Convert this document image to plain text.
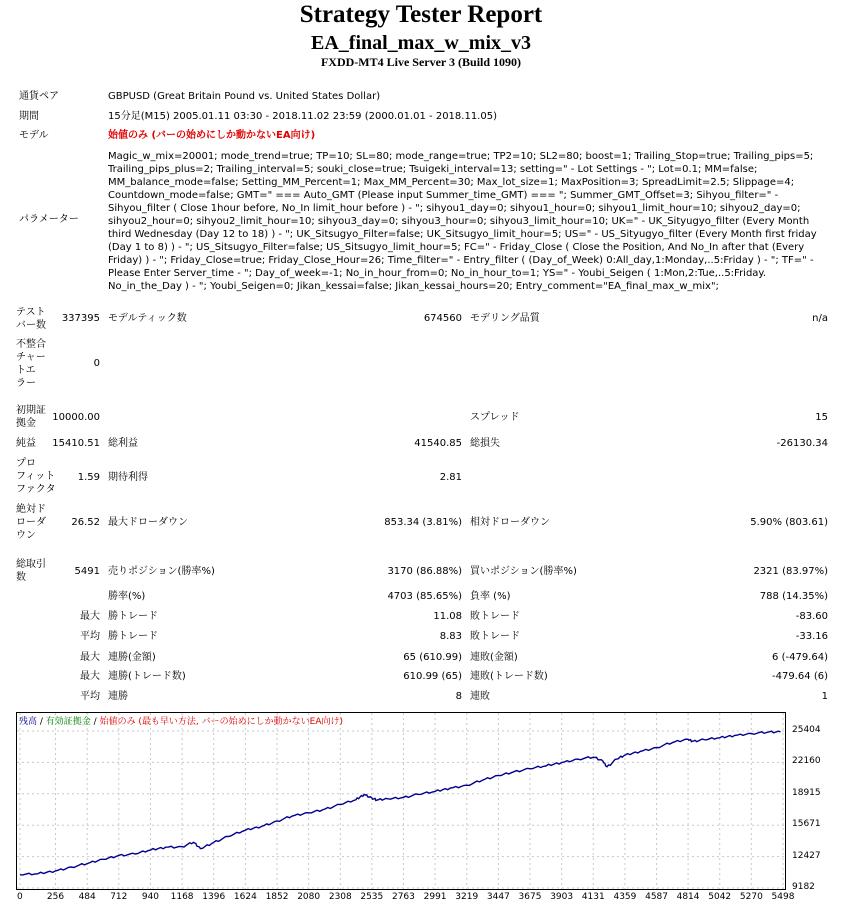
Strategy Tester Report
EA_final_max_w_mix_v3
FXDD-MT4 Live Server 3 (Build 1090)
通貨ペア	GBPUSD (Great Britain Pound vs. United States Dollar)
期間	15分足(M15) 2005.01.11 03:30 - 2018.11.02 23:59 (2000.01.01 - 2018.11.05)
モデル	始値のみ (バーの始めにしか動かないEA向け)
パラメーター
Magic_w_mix=20001; mode_trend=true; TP=10; SL=80; mode_range=true; TP2=10; SL2=80; boost=1; Trailing_Stop=true; Trailing_pips=5; Trailing_pips_plus=2; Trailing_interval=5; souki_close=true; Tsuigeki_interval=13; setting=" - Lot Settings - "; Lot=0.1; MM=false; MM_balance_mode=false; Setting_MM_Percent=1; Max_MM_Percent=30; Max_lot_size=1; MaxPosition=3; SpreadLimit=2.5; Slippage=4; Countdown_mode=false; GMT=" === Auto_GMT (Please input Summer_time_GMT) === "; Summer_GMT_Offset=3; Sihyou_filter=" - Sihyou_filter ( Close 1hour before, No_In limit_hour before ) - "; sihyou1_day=0; sihyou1_hour=0; sihyou1_limit_hour=10; sihyou2_day=0; sihyou2_hour=0; sihyou2_limit_hour=10; sihyou3_day=0; sihyou3_hour=0; sihyou3_limit_hour=10; UK=" - UK_Sityugyo_filter (Every Month third Wednesday (Day 12 to 18) ) - "; UK_Sitsugyo_Filter=false; UK_Sitsugyo_limit_hour=5; US=" - US_Sityugyo_filter (Every Month first friday (Day 1 to 8) ) - "; US_Sitsugyo_Filter=false; US_Sitsugyo_limit_hour=5; FC=" - Friday_Close ( Close the Position, And No_In after that (Every Friday) ) - "; Friday_Close=true; Friday_Close_Hour=26; Time_filter=" - Entry_filter ( (Day_of_Week) 0:All_day,1:Monday,..5:Friday ) - "; TF=" - Please Enter Server_time - "; Day_of_week=-1; No_in_hour_from=0; No_in_hour_to=1; YS=" - Youbi_Seigen ( 1:Mon,2:Tue,..5:Friday. No_in_the_Day ) - "; Youbi_Seigen=0; Jikan_kessai=false; Jikan_kessai_hours=20; Entry_comment="EA_final_max_w_mix";
テスト
バー数
337395 モデルティック数	674560 モデリング品質	n/a
不整合
チャー
トエ
ラー
0
初期証
拠金
10000.00	スプレッド	15
純益 15410.51 総利益	41540.85 総損失	-26130.34
プロ
フィット
ファクタ
1.59 期待利得	2.81
絶対ド
ローダ
ウン
26.52 最大ドローダウン	853.34 (3.81%) 相対ドローダウン	5.90% (803.61)
総取引
数
5491 売りポジション(勝率%)	3170 (86.88%) 買いポジション(勝率%)	2321 (83.97%)
勝率(%)	4703 (85.65%) 負率 (%)	788 (14.35%)
最大 勝トレード	11.08 敗トレード	-83.60
平均 勝トレード	8.83 敗トレード	-33.16
最大 連勝(金額)	65 (610.99) 連敗(金額)	6 (-479.64)
最大 連勝(トレード数)	610.99 (65) 連敗(トレード数)	-479.64 (6)
平均 連勝	8 連敗	1
残高 / 有効証拠金 / 始値のみ (最も早い方法, バーの始めにしか動かないEA向け)
25404
22160
18915
15671
12427
9182
0	256	484	712	940	1168 1396 1624 1852 2080 2308 2535 2763 2991 3219 3447 3675 3903 4131 4359 4587 4814 5042 5270 5498
